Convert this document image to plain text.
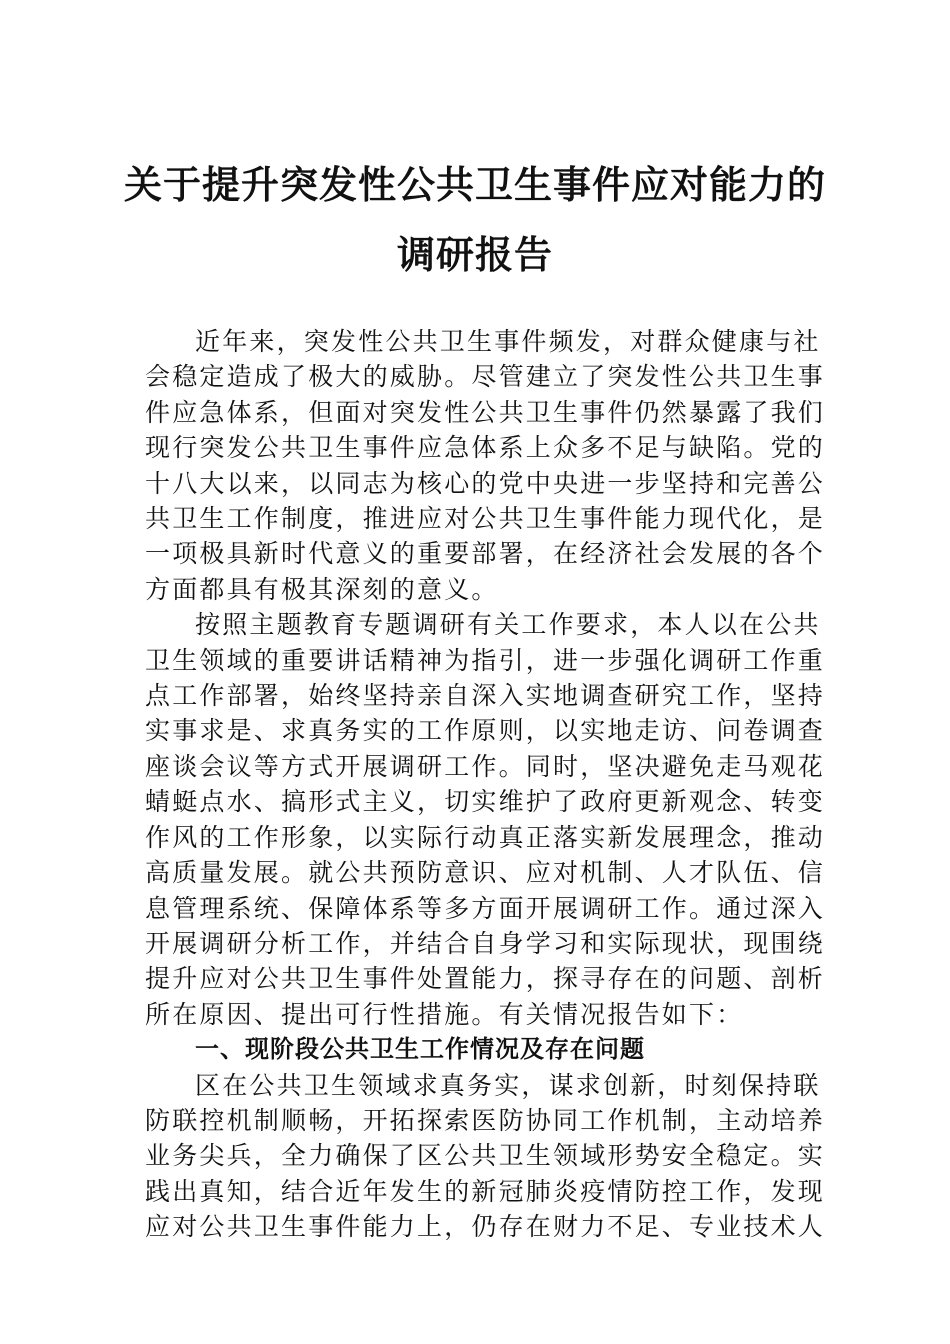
关于提升突发性公共卫生事件应对能力的
调研报告
近年来，突发性公共卫生事件频发，对群众健康与社
会稳定造成了极大的威胁。尽管建立了突发性公共卫生事
件应急体系，但面对突发性公共卫生事件仍然暴露了我们
现行突发公共卫生事件应急体系上众多不足与缺陷。党的
十八大以来，以同志为核心的党中央进一步坚持和完善公
共卫生工作制度，推进应对公共卫生事件能力现代化，是
一项极具新时代意义的重要部署，在经济社会发展的各个
方面都具有极其深刻的意义。
按照主题教育专题调研有关工作要求，本人以在公共
卫生领域的重要讲话精神为指引，进一步强化调研工作重
点工作部署，始终坚持亲自深入实地调查研究工作，坚持
实事求是、求真务实的工作原则，以实地走访、问卷调查
座谈会议等方式开展调研工作。同时，坚决避免走马观花
蜻蜓点水、搞形式主义，切实维护了政府更新观念、转变
作风的工作形象，以实际行动真正落实新发展理念，推动
高质量发展。就公共预防意识、应对机制、人才队伍、信
息管理系统、保障体系等多方面开展调研工作。通过深入
开展调研分析工作，并结合自身学习和实际现状，现围绕
提升应对公共卫生事件处置能力，探寻存在的问题、剖析
所在原因、提出可行性措施。有关情况报告如下：
一、现阶段公共卫生工作情况及存在问题
区在公共卫生领域求真务实，谋求创新，时刻保持联
防联控机制顺畅，开拓探索医防协同工作机制，主动培养
业务尖兵，全力确保了区公共卫生领域形势安全稳定。实
践出真知，结合近年发生的新冠肺炎疫情防控工作，发现
应对公共卫生事件能力上，仍存在财力不足、专业技术人
